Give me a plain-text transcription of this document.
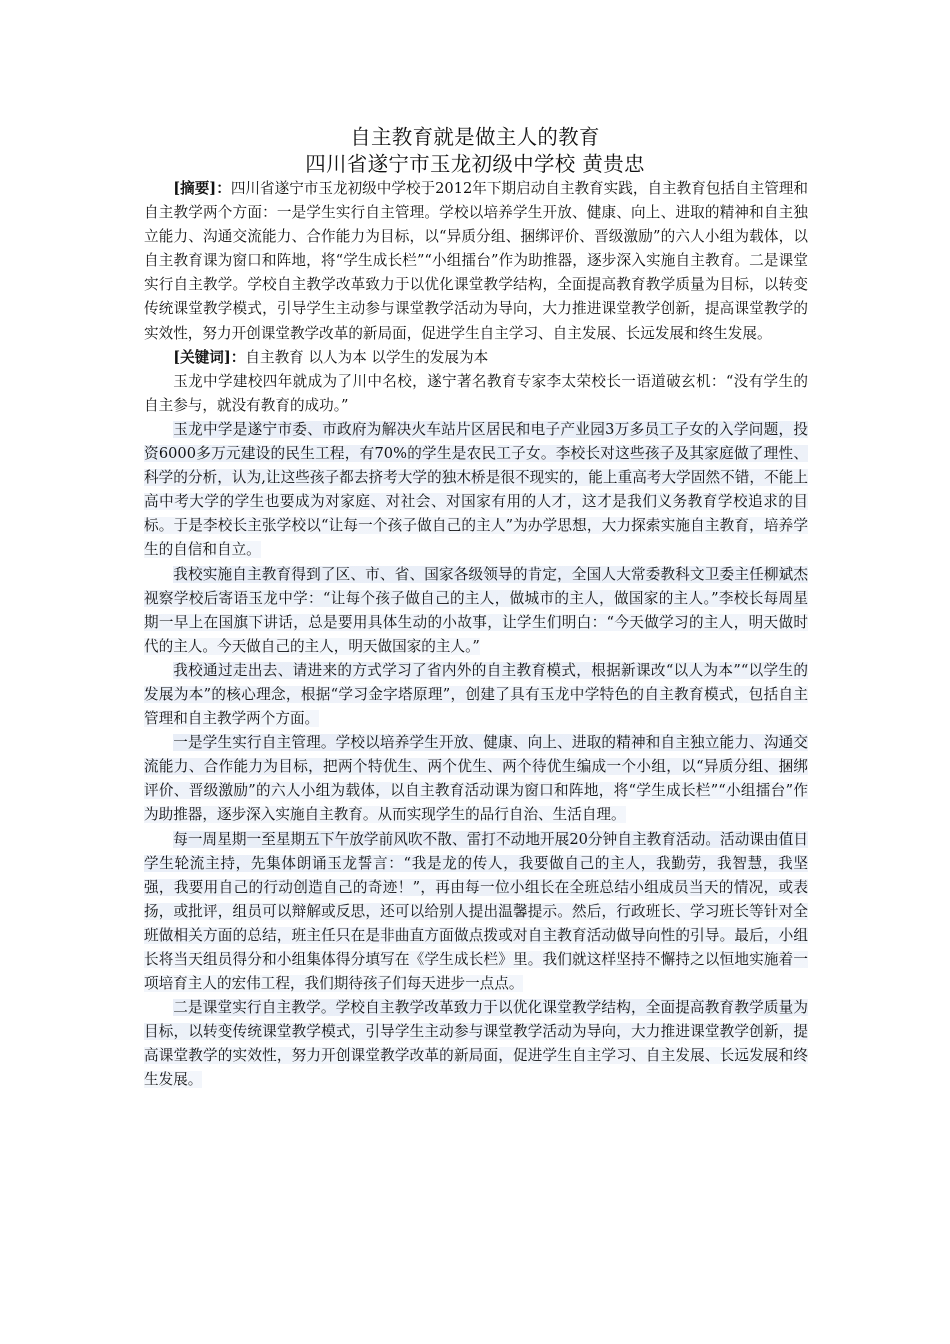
自主教育就是做主人的教育
四川省遂宁市玉龙初级中学校 黄贵忠

[摘要]：四川省遂宁市玉龙初级中学校于2012年下期启动自主教育实践，自主教育包括自主管理和自主教学两个方面：一是学生实行自主管理。学校以培养学生开放、健康、向上、进取的精神和自主独立能力、沟通交流能力、合作能力为目标，以“异质分组、捆绑评价、晋级激励”的六人小组为载体，以自主教育课为窗口和阵地，将“学生成长栏”“小组擂台”作为助推器，逐步深入实施自主教育。二是课堂实行自主教学。学校自主教学改革致力于以优化课堂教学结构，全面提高教育教学质量为目标，以转变传统课堂教学模式，引导学生主动参与课堂教学活动为导向，大力推进课堂教学创新，提高课堂教学的实效性，努力开创课堂教学改革的新局面，促进学生自主学习、自主发展、长远发展和终生发展。

[关键词]：自主教育 以人为本 以学生的发展为本

玉龙中学建校四年就成为了川中名校，遂宁著名教育专家李太荣校长一语道破玄机：“没有学生的自主参与，就没有教育的成功。”

玉龙中学是遂宁市委、市政府为解决火车站片区居民和电子产业园3万多员工子女的入学问题，投资6000多万元建设的民生工程，有70%的学生是农民工子女。李校长对这些孩子及其家庭做了理性、科学的分析，认为,让这些孩子都去挤考大学的独木桥是很不现实的，能上重高考大学固然不错，不能上高中考大学的学生也要成为对家庭、对社会、对国家有用的人才，这才是我们义务教育学校追求的目标。于是李校长主张学校以“让每一个孩子做自己的主人”为办学思想，大力探索实施自主教育，培养学生的自信和自立。

我校实施自主教育得到了区、市、省、国家各级领导的肯定，全国人大常委教科文卫委主任柳斌杰视察学校后寄语玉龙中学：“让每个孩子做自己的主人，做城市的主人，做国家的主人。”李校长每周星期一早上在国旗下讲话，总是要用具体生动的小故事，让学生们明白：“今天做学习的主人，明天做时代的主人。今天做自己的主人，明天做国家的主人。”

我校通过走出去、请进来的方式学习了省内外的自主教育模式，根据新课改“以人为本”“以学生的发展为本”的核心理念，根据“学习金字塔原理”，创建了具有玉龙中学特色的自主教育模式，包括自主管理和自主教学两个方面。

一是学生实行自主管理。学校以培养学生开放、健康、向上、进取的精神和自主独立能力、沟通交流能力、合作能力为目标，把两个特优生、两个优生、两个待优生编成一个小组，以“异质分组、捆绑评价、晋级激励”的六人小组为载体，以自主教育活动课为窗口和阵地，将“学生成长栏”“小组擂台”作为助推器，逐步深入实施自主教育。从而实现学生的品行自治、生活自理。

每一周星期一至星期五下午放学前风吹不散、雷打不动地开展20分钟自主教育活动。活动课由值日学生轮流主持，先集体朗诵玉龙誓言：“我是龙的传人，我要做自己的主人，我勤劳，我智慧，我坚强，我要用自己的行动创造自己的奇迹！”，再由每一位小组长在全班总结小组成员当天的情况，或表扬，或批评，组员可以辩解或反思，还可以给别人提出温馨提示。然后，行政班长、学习班长等针对全班做相关方面的总结，班主任只在是非曲直方面做点拨或对自主教育活动做导向性的引导。最后，小组长将当天组员得分和小组集体得分填写在《学生成长栏》里。我们就这样坚持不懈持之以恒地实施着一项培育主人的宏伟工程，我们期待孩子们每天进步一点点。

二是课堂实行自主教学。学校自主教学改革致力于以优化课堂教学结构，全面提高教育教学质量为目标，以转变传统课堂教学模式，引导学生主动参与课堂教学活动为导向，大力推进课堂教学创新，提高课堂教学的实效性，努力开创课堂教学改革的新局面，促进学生自主学习、自主发展、长远发展和终生发展。
